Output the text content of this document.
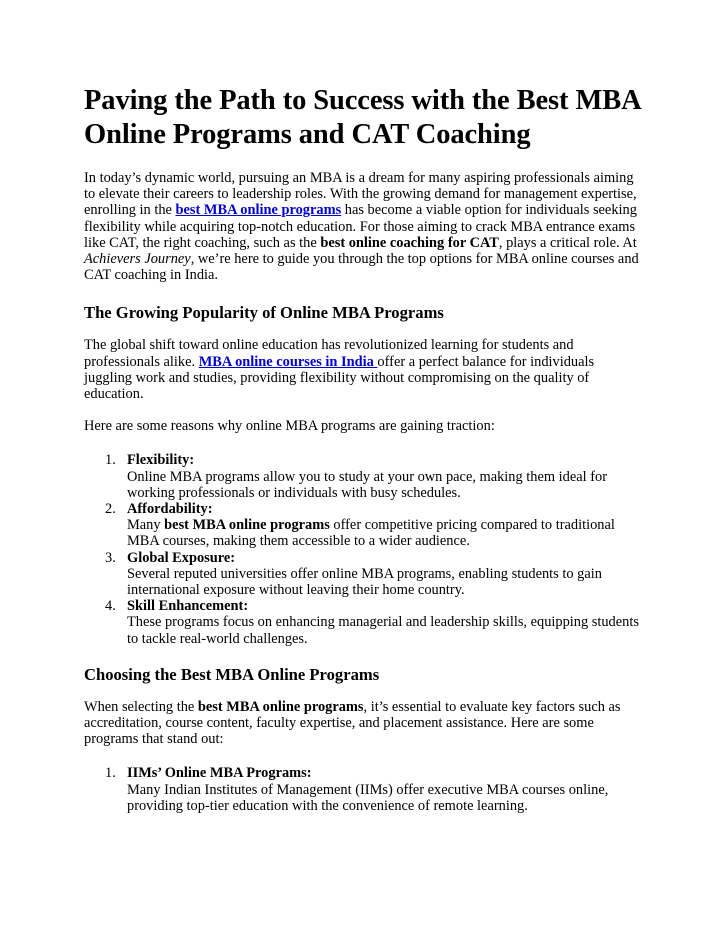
Paving the Path to Success with the Best MBA Online Programs and CAT Coaching

In today’s dynamic world, pursuing an MBA is a dream for many aspiring professionals aiming to elevate their careers to leadership roles. With the growing demand for management expertise, enrolling in the best MBA online programs has become a viable option for individuals seeking flexibility while acquiring top-notch education. For those aiming to crack MBA entrance exams like CAT, the right coaching, such as the best online coaching for CAT, plays a critical role. At Achievers Journey, we’re here to guide you through the top options for MBA online courses and CAT coaching in India.

The Growing Popularity of Online MBA Programs

The global shift toward online education has revolutionized learning for students and professionals alike. MBA online courses in India offer a perfect balance for individuals juggling work and studies, providing flexibility without compromising on the quality of education.

Here are some reasons why online MBA programs are gaining traction:

1. Flexibility:
Online MBA programs allow you to study at your own pace, making them ideal for working professionals or individuals with busy schedules.
2. Affordability:
Many best MBA online programs offer competitive pricing compared to traditional MBA courses, making them accessible to a wider audience.
3. Global Exposure:
Several reputed universities offer online MBA programs, enabling students to gain international exposure without leaving their home country.
4. Skill Enhancement:
These programs focus on enhancing managerial and leadership skills, equipping students to tackle real-world challenges.
Choosing the Best MBA Online Programs

When selecting the best MBA online programs, it’s essential to evaluate key factors such as accreditation, course content, faculty expertise, and placement assistance. Here are some programs that stand out:

1. IIMs’ Online MBA Programs:
Many Indian Institutes of Management (IIMs) offer executive MBA courses online, providing top-tier education with the convenience of remote learning.
